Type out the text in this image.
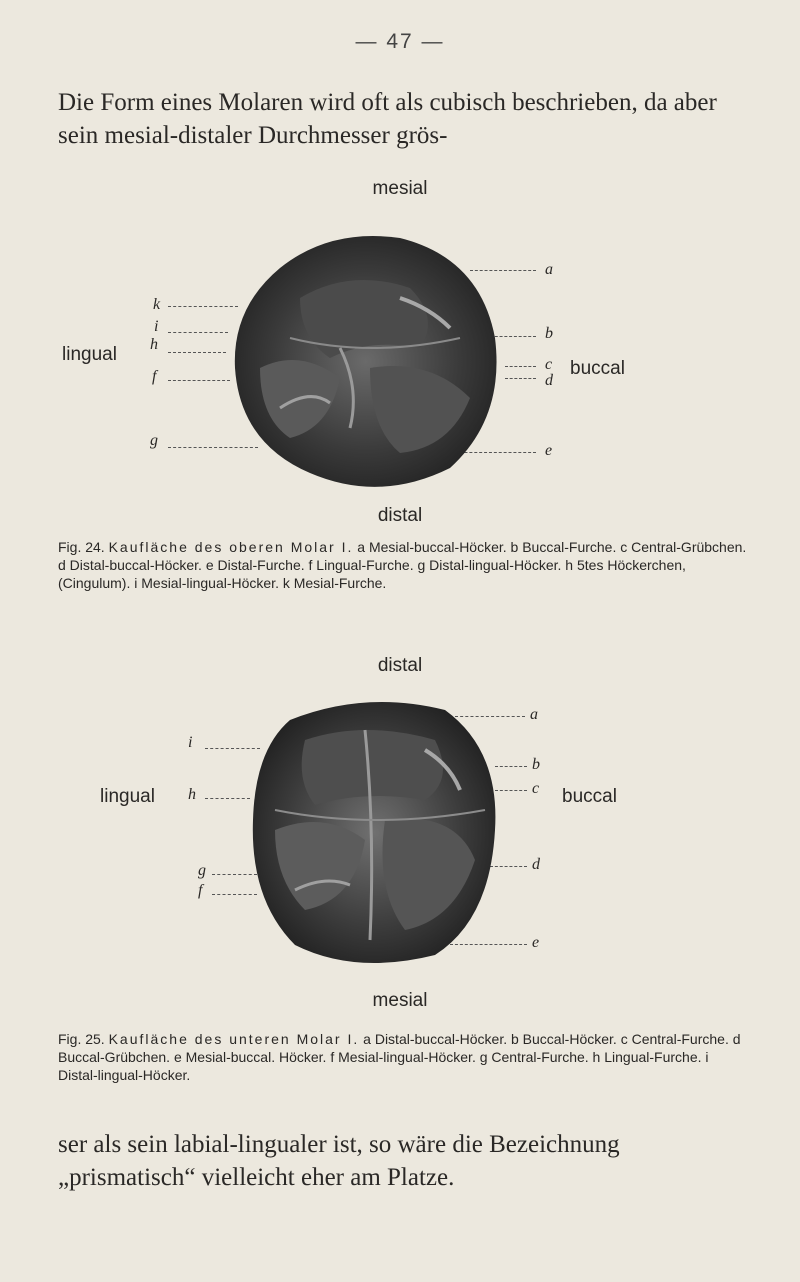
— 47 —
Die Form eines Molaren wird oft als cubisch beschrieben, da aber sein mesial-distaler Durchmesser grös-
mesial
lingual
buccal
distal
k
i
h
f
g
a
b
c
d
e
Fig. 24. Kaufläche des oberen Molar I. a Mesial-buccal-Höcker. b Buccal-Furche. c Central-Grübchen. d Distal-buccal-Höcker. e Distal-Furche. f Lingual-Furche. g Distal-lingual-Höcker. h 5tes Höckerchen, (Cingulum). i Mesial-lingual-Höcker. k Mesial-Furche.
distal
lingual	buccal
mesial
i
h
g
f
a
b
c
d
e
Fig. 25. Kaufläche des unteren Molar I. a Distal-buccal-Höcker. b Buccal-Höcker. c Central-Furche. d Buccal-Grübchen. e Mesial-buccal. Höcker. f Mesial-lingual-Höcker. g Central-Furche. h Lingual-Furche. i Distal-lingual-Höcker.
ser als sein labial-lingualer ist, so wäre die Bezeichnung „prismatisch“ vielleicht eher am Platze.
